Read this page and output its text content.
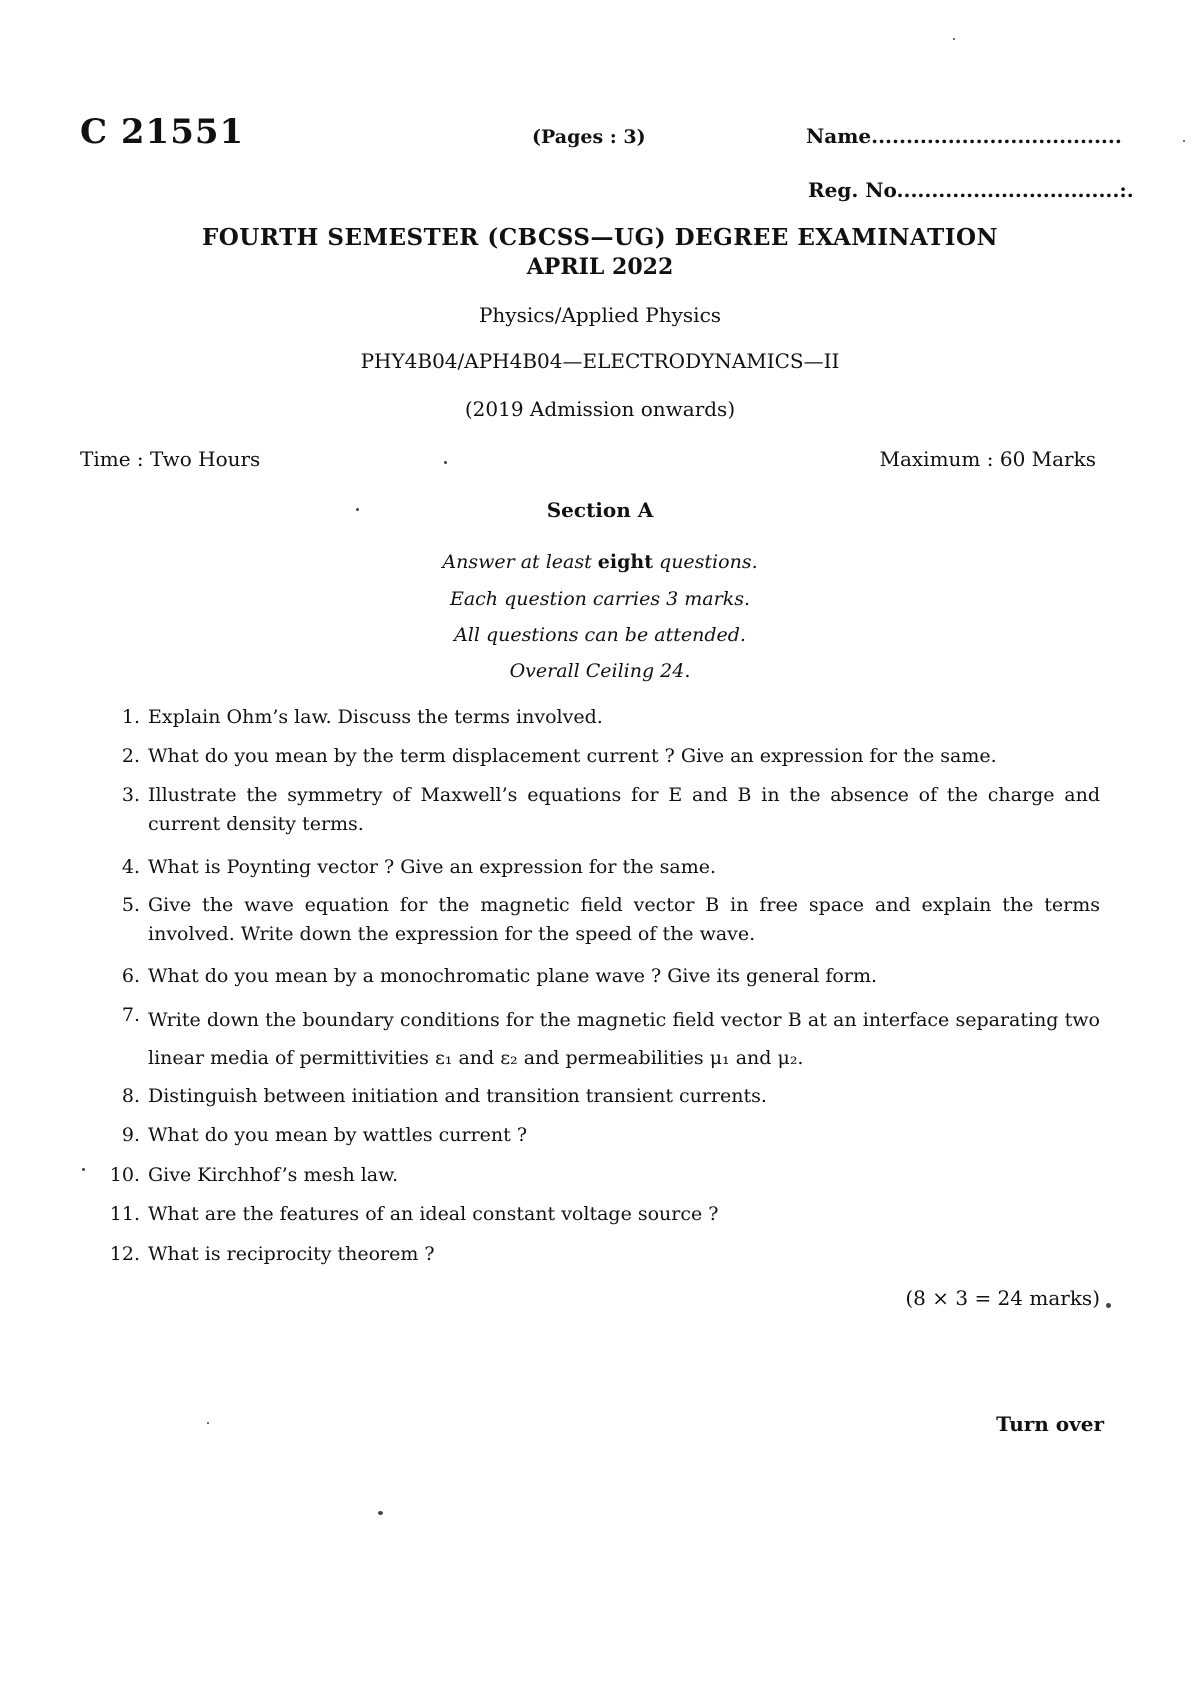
C 21551	(Pages : 3)	Name....................................
Reg. No................................:.
FOURTH SEMESTER (CBCSS—UG) DEGREE EXAMINATION
APRIL 2022
Physics/Applied Physics
PHY4B04/APH4B04—ELECTRODYNAMICS—II
(2019 Admission onwards)
Time : Two Hours	Maximum : 60 Marks
Section A
Answer at least eight questions.
Each question carries 3 marks.
All questions can be attended.
Overall Ceiling 24.
1. Explain Ohm’s law. Discuss the terms involved.
2. What do you mean by the term displacement current ? Give an expression for the same.
3. Illustrate the symmetry of Maxwell’s equations for E and B in the absence of the charge and current density terms.
4. What is Poynting vector ? Give an expression for the same.
5. Give the wave equation for the magnetic field vector B in free space and explain the terms involved. Write down the expression for the speed of the wave.
6. What do you mean by a monochromatic plane wave ? Give its general form.
7. Write down the boundary conditions for the magnetic field vector B at an interface separating two linear media of permittivities ε₁ and ε₂ and permeabilities μ₁ and μ₂.
8. Distinguish between initiation and transition transient currents.
9. What do you mean by wattles current ?
10. Give Kirchhof’s mesh law.
11. What are the features of an ideal constant voltage source ?
12. What is reciprocity theorem ?
(8 × 3 = 24 marks)
Turn over
